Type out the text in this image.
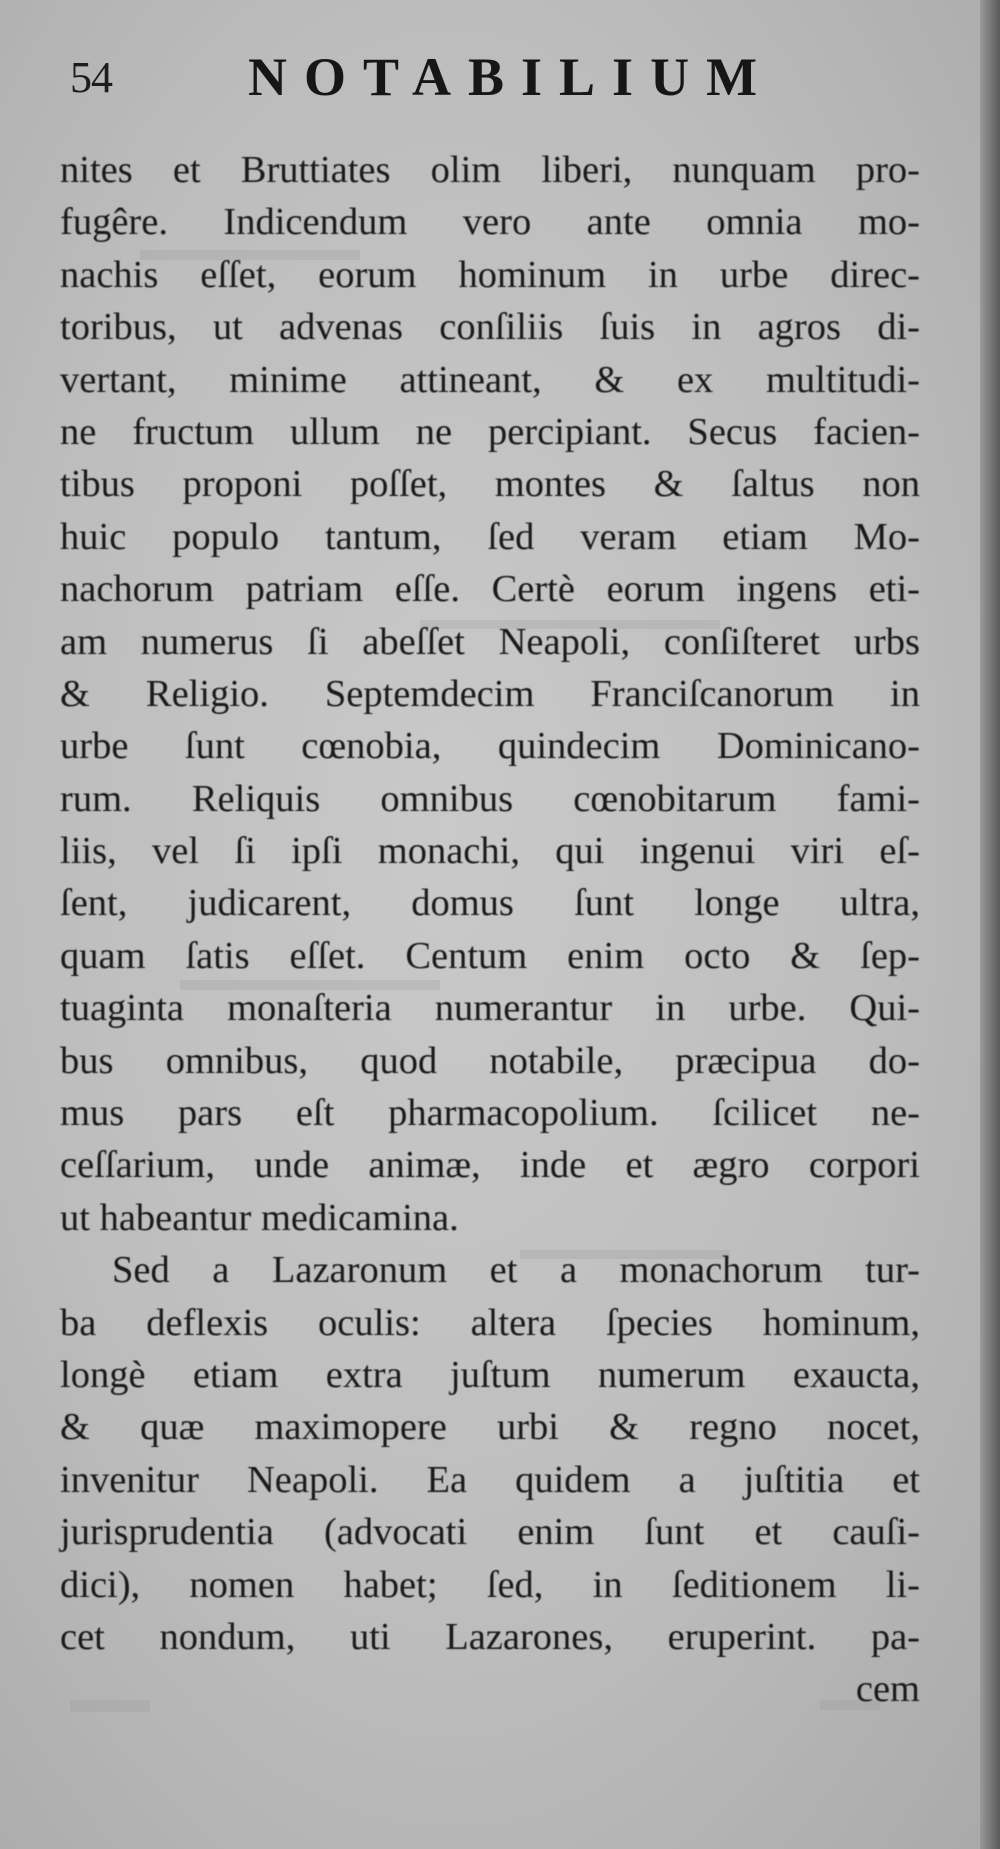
54	NOTABILIUM
nites et Bruttiates olim liberi, nunquam pro-
fugêre. Indicendum vero ante omnia mo-
nachis eſſet, eorum hominum in urbe direc-
toribus, ut advenas conſiliis ſuis in agros di-
vertant, minime attineant, & ex multitudi-
ne fructum ullum ne percipiant. Secus facien-
tibus proponi poſſet, montes & ſaltus non
huic populo tantum, ſed veram etiam Mo-
nachorum patriam eſſe. Certè eorum ingens eti-
am numerus ſi abeſſet Neapoli, conſiſteret urbs
& Religio. Septemdecim Franciſcanorum in
urbe ſunt cœnobia, quindecim Dominicano-
rum. Reliquis omnibus cœnobitarum fami-
liis, vel ſi ipſi monachi, qui ingenui viri eſ-
ſent, judicarent, domus ſunt longe ultra,
quam ſatis eſſet. Centum enim octo & ſep-
tuaginta monaſteria numerantur in urbe. Qui-
bus omnibus, quod notabile, præcipua do-
mus pars eſt pharmacopolium. ſcilicet ne-
ceſſarium, unde animæ, inde et ægro corpori
ut habeantur medicamina.
Sed a Lazaronum et a monachorum tur-
ba deflexis oculis: altera ſpecies hominum,
longè etiam extra juſtum numerum exaucta,
& quæ maximopere urbi & regno nocet,
invenitur Neapoli. Ea quidem a juſtitia et
jurisprudentia (advocati enim ſunt et cauſi-
dici), nomen habet; ſed, in ſeditionem li-
cet nondum, uti Lazarones, eruperint. pa-
cem
